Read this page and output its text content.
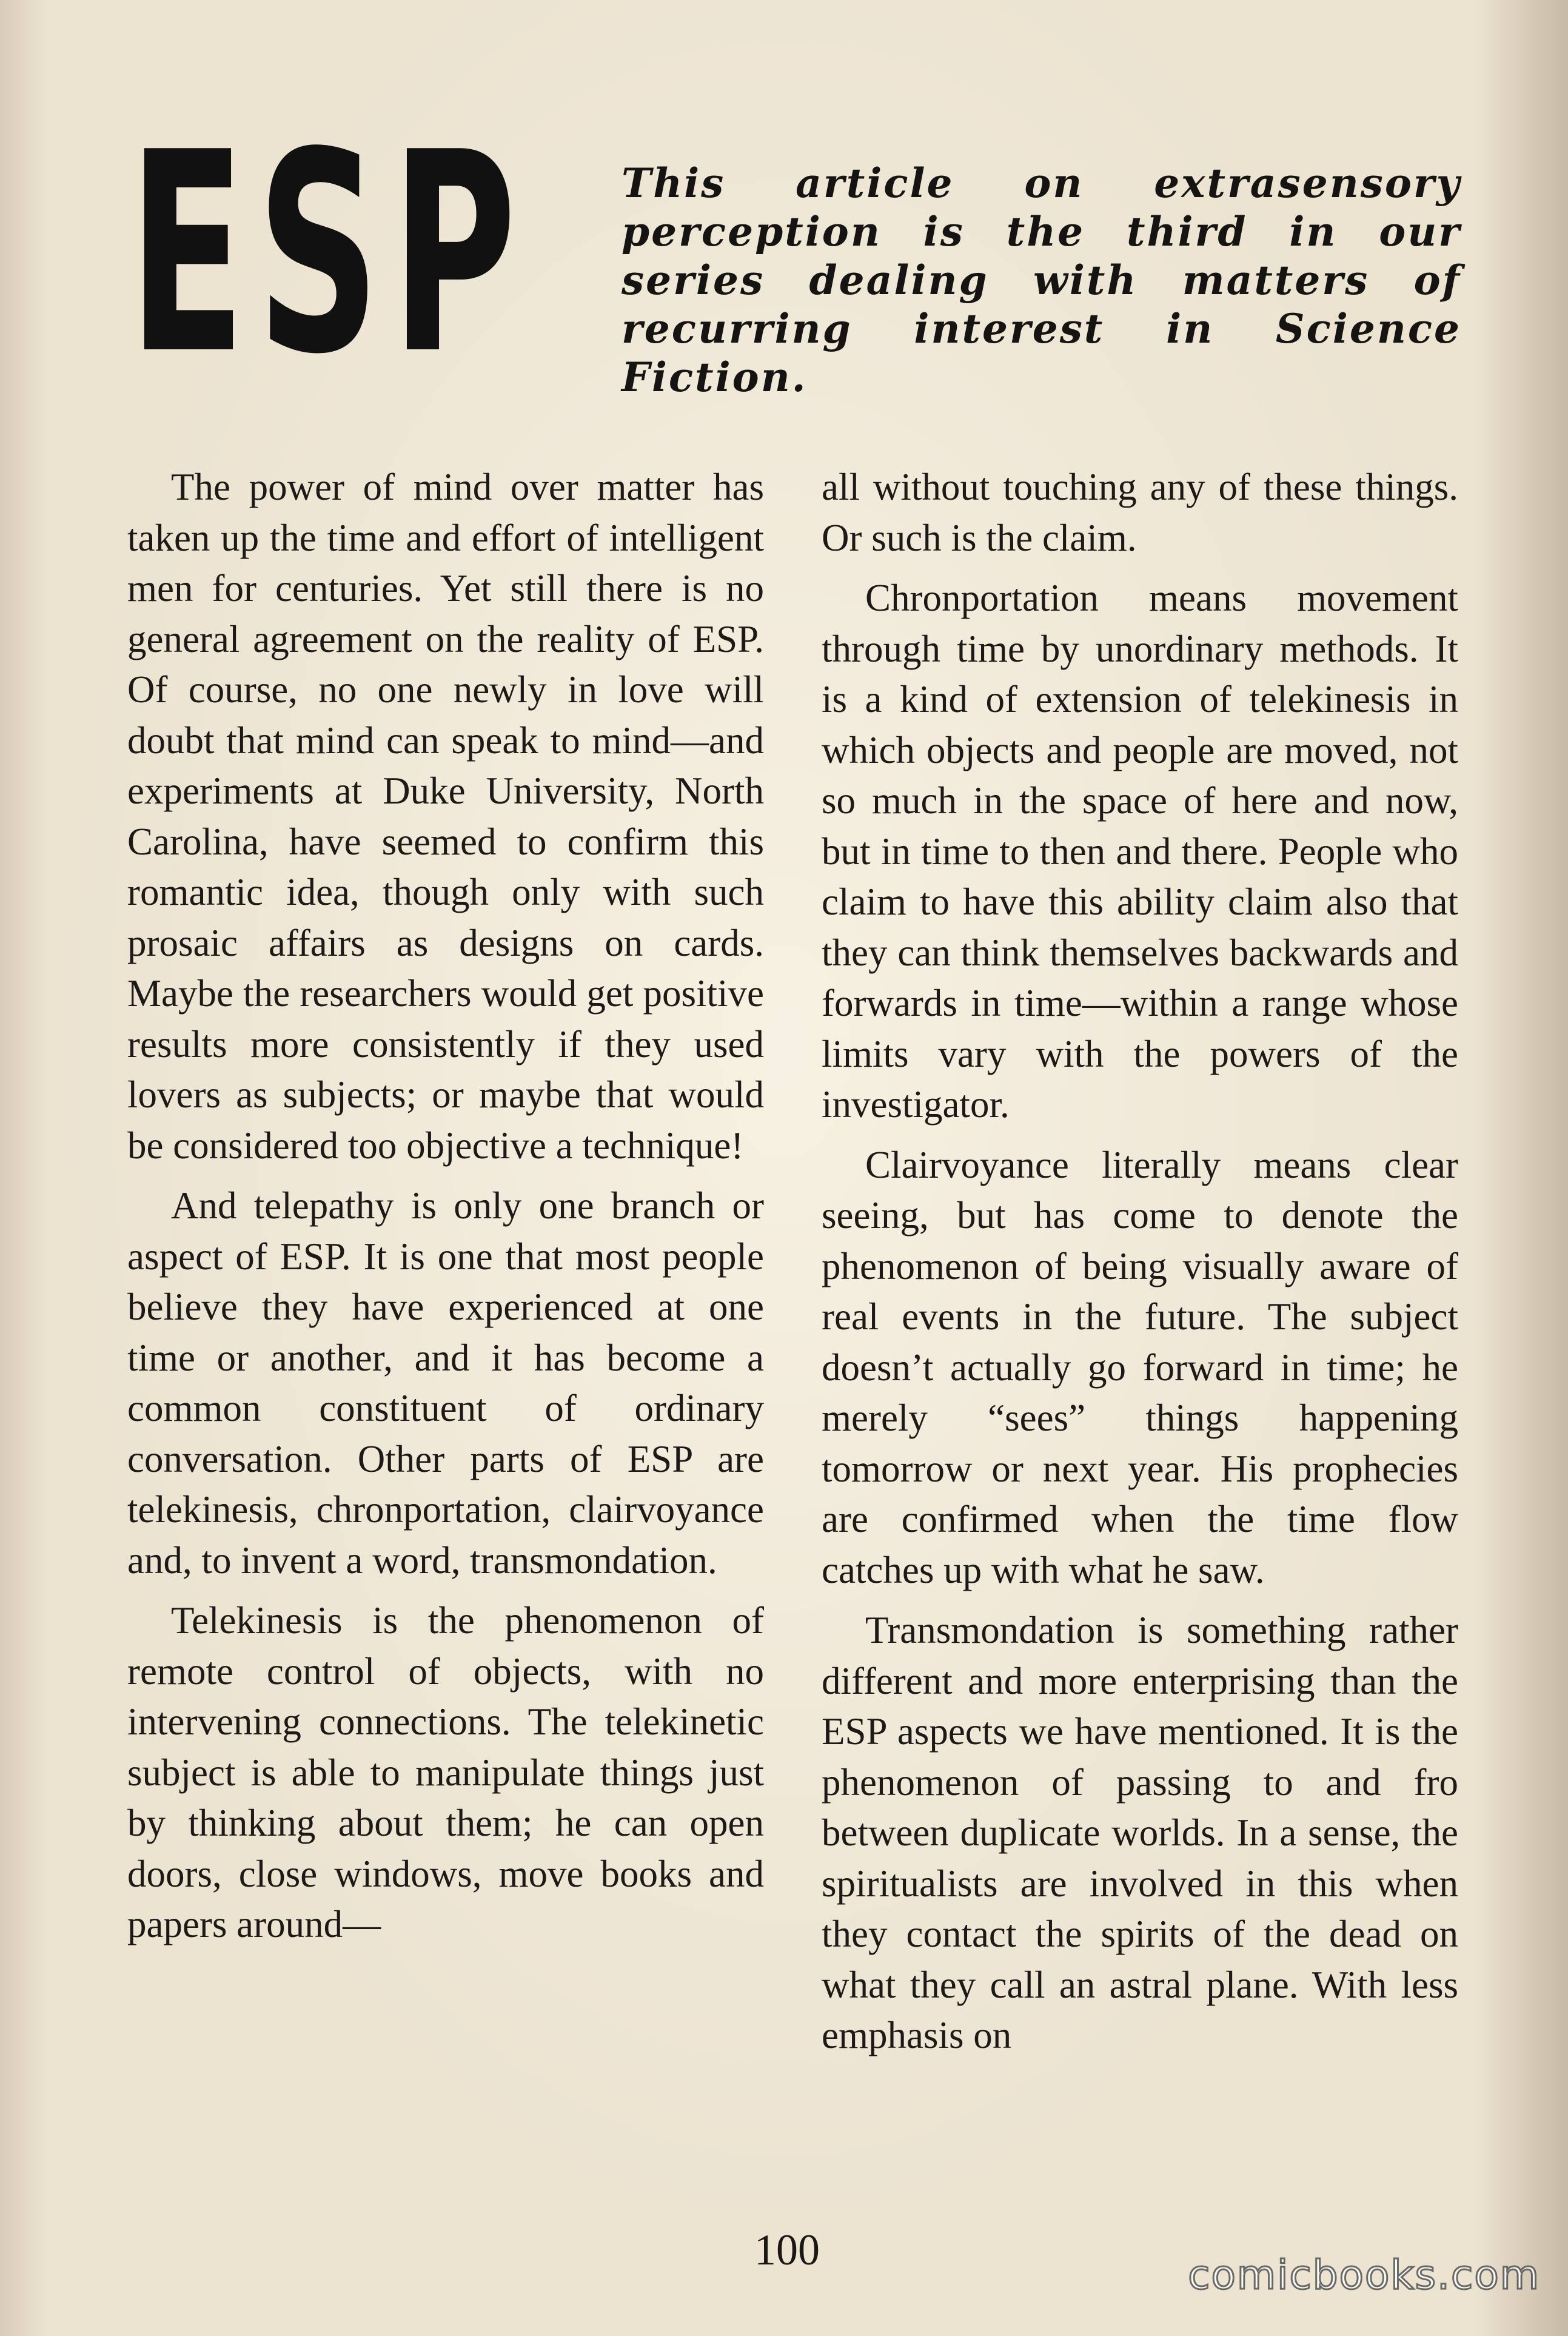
ESP This article on extrasensory perception is the third in our series dealing with matters of recurring interest in Science Fiction.

The power of mind over matter has taken up the time and effort of intelligent men for centuries. Yet still there is no general agreement on the reality of ESP. Of course, no one newly in love will doubt that mind can speak to mind—and experiments at Duke University, North Carolina, have seemed to confirm this romantic idea, though only with such prosaic affairs as designs on cards. Maybe the researchers would get positive results more consistently if they used lovers as subjects; or maybe that would be considered too objective a technique!

And telepathy is only one branch or aspect of ESP. It is one that most people believe they have experienced at one time or another, and it has become a common constituent of ordinary conversation. Other parts of ESP are telekinesis, chronportation, clairvoyance and, to invent a word, transmondation.

Telekinesis is the phenomenon of remote control of objects, with no intervening connections. The telekinetic subject is able to manipulate things just by thinking about them; he can open doors, close windows, move books and papers around—

all without touching any of these things. Or such is the claim.

Chronportation means movement through time by unordinary methods. It is a kind of extension of telekinesis in which objects and people are moved, not so much in the space of here and now, but in time to then and there. People who claim to have this ability claim also that they can think themselves backwards and forwards in time—within a range whose limits vary with the powers of the investigator.

Clairvoyance literally means clear seeing, but has come to denote the phenomenon of being visually aware of real events in the future. The subject doesn’t actually go forward in time; he merely “sees” things happening tomorrow or next year. His prophecies are confirmed when the time flow catches up with what he saw.

Transmondation is something rather different and more enterprising than the ESP aspects we have mentioned. It is the phenomenon of passing to and fro between duplicate worlds. In a sense, the spiritualists are involved in this when they contact the spirits of the dead on what they call an astral plane. With less emphasis on

100
comicbooks.com
